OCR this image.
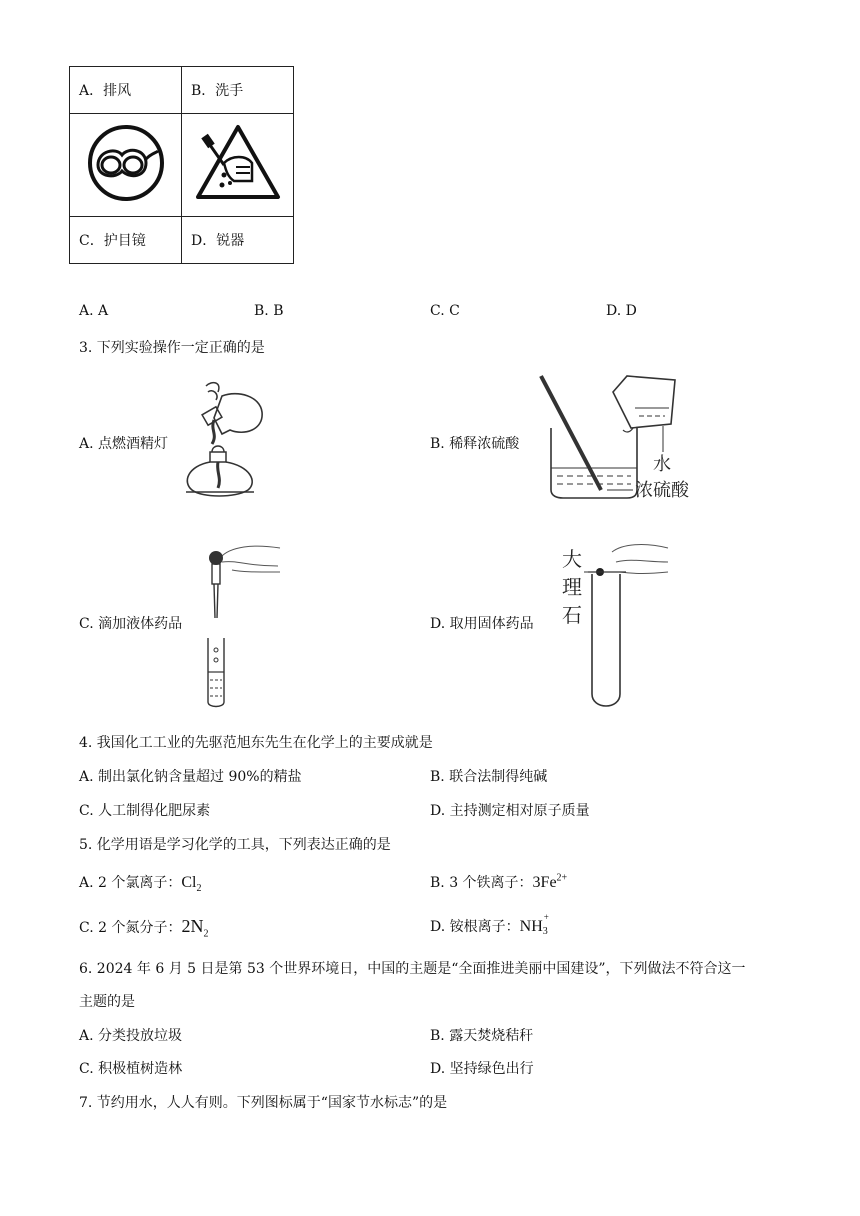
A．排风	B．洗手

C．护目镜	D．锐器
A. A	B. B	C. C	D. D
3. 下列实验操作一定正确的是
A. 点燃酒精灯	B. 稀释浓硫酸
水
浓硫酸
C. 滴加液体药品	D. 取用固体药品
大
理
石
4. 我国化工工业的先驱范旭东先生在化学上的主要成就是
A. 制出氯化钠含量超过 90%的精盐	B. 联合法制得纯碱
C. 人工制得化肥尿素	D. 主持测定相对原子质量
5. 化学用语是学习化学的工具，下列表达正确的是
A. 2 个氯离子：$Cl_2$	B. 3 个铁离子：$3Fe^{2+}$
C. 2 个氮分子：$2N_2$	D. 铵根离子：NH
+
3
6. 2024 年 6 月 5 日是第 53 个世界环境日，中国的主题是“全面推进美丽中国建设”，下列做法不符合这一
主题的是
A. 分类投放垃圾	B. 露天焚烧秸秆
C. 积极植树造林	D. 坚持绿色出行
7. 节约用水，人人有则。下列图标属于“国家节水标志”的是
